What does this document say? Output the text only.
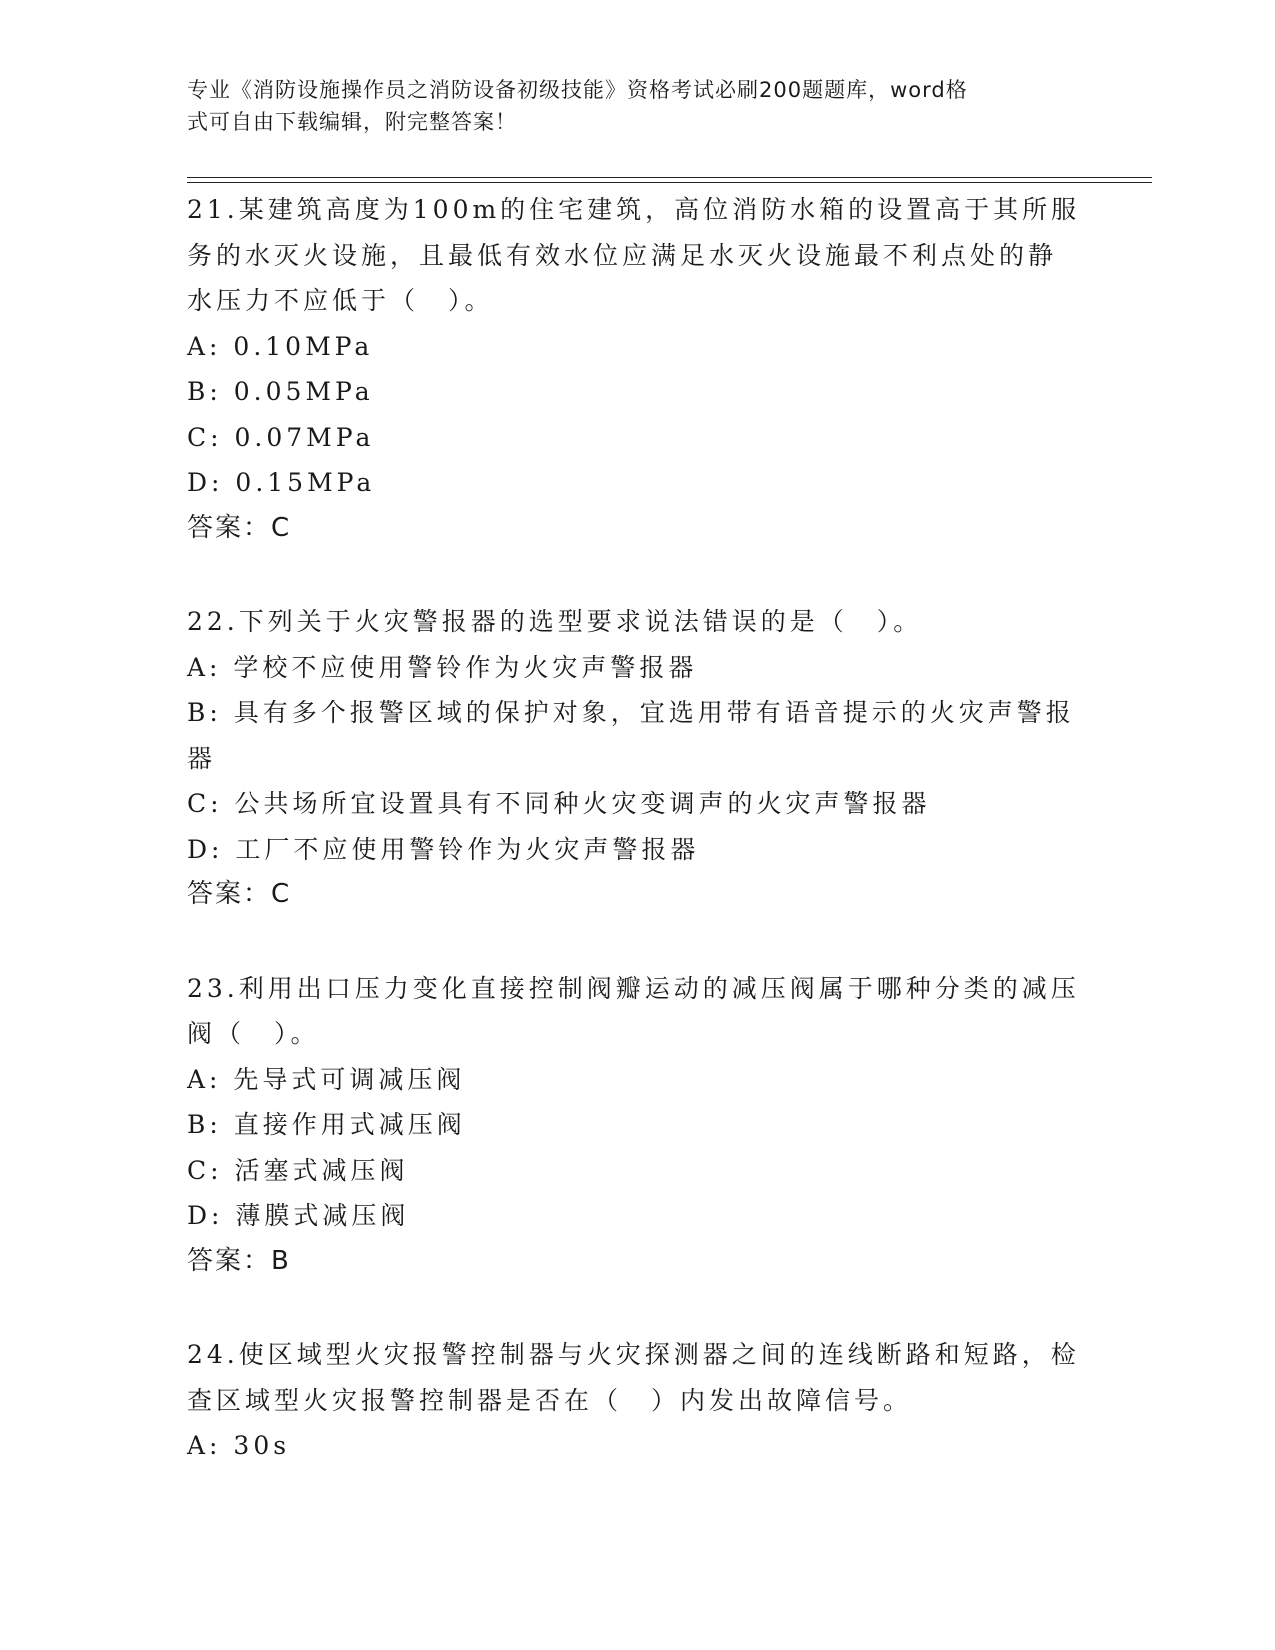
专业《消防设施操作员之消防设备初级技能》资格考试必刷200题题库，word格
式可自由下载编辑，附完整答案！
21.某建筑高度为100m的住宅建筑，高位消防水箱的设置高于其所服
务的水灭火设施，且最低有效水位应满足水灭火设施最不利点处的静
水压力不应低于（　）。
A: 0.10MPa
B: 0.05MPa
C: 0.07MPa
D: 0.15MPa
答案：C
22.下列关于火灾警报器的选型要求说法错误的是（　）。
A: 学校不应使用警铃作为火灾声警报器
B: 具有多个报警区域的保护对象，宜选用带有语音提示的火灾声警报
器
C: 公共场所宜设置具有不同种火灾变调声的火灾声警报器
D: 工厂不应使用警铃作为火灾声警报器
答案：C
23.利用出口压力变化直接控制阀瓣运动的减压阀属于哪种分类的减压
阀（　）。
A: 先导式可调减压阀
B: 直接作用式减压阀
C: 活塞式减压阀
D: 薄膜式减压阀
答案：B
24.使区域型火灾报警控制器与火灾探测器之间的连线断路和短路，检
查区域型火灾报警控制器是否在（　）内发出故障信号。
A: 30s
